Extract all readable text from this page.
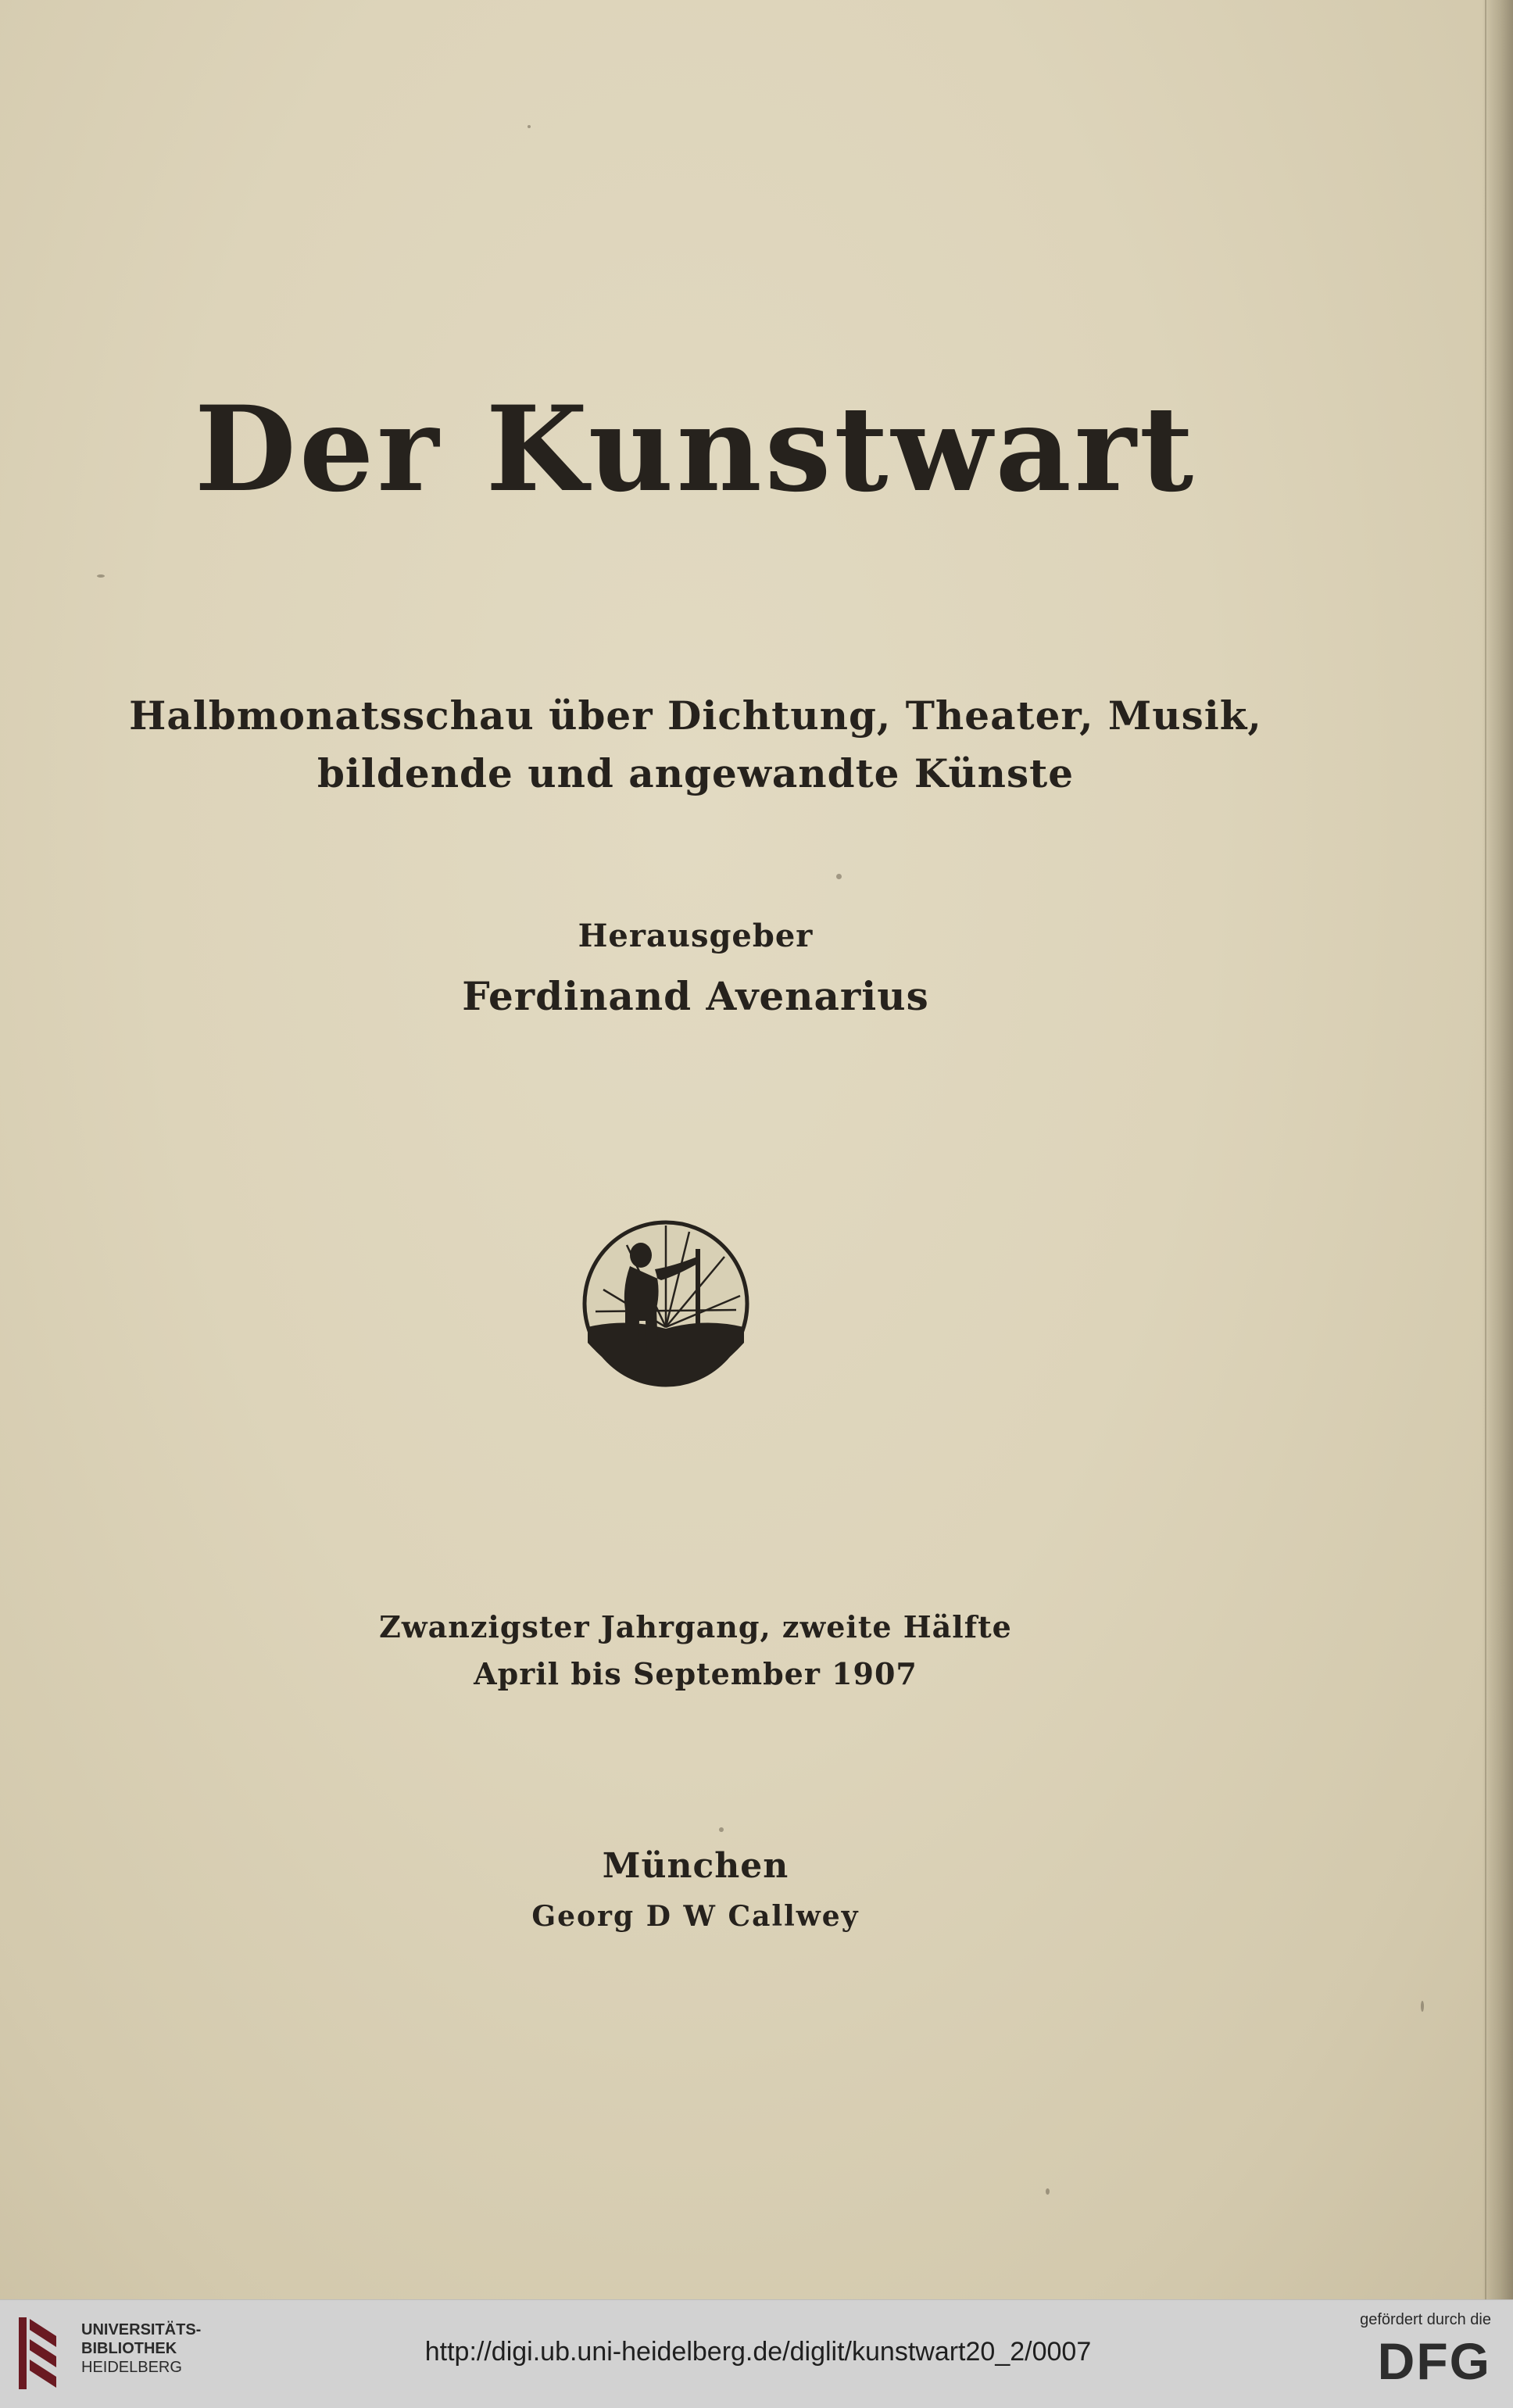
Der Kunstwart

Halbmonatsschau über Dichtung, Theater, Musik,

bildende und angewandte Künste

Herausgeber

Ferdinand Avenarius

Zwanzigster Jahrgang, zweite Hälfte

April bis September 1907

München

Georg D W Callwey

UNIVERSITÄTS-
BIBLIOTHEK
HEIDELBERG
http://digi.ub.uni-heidelberg.de/diglit/kunstwart20_2/0007
gefördert durch die
DFG
